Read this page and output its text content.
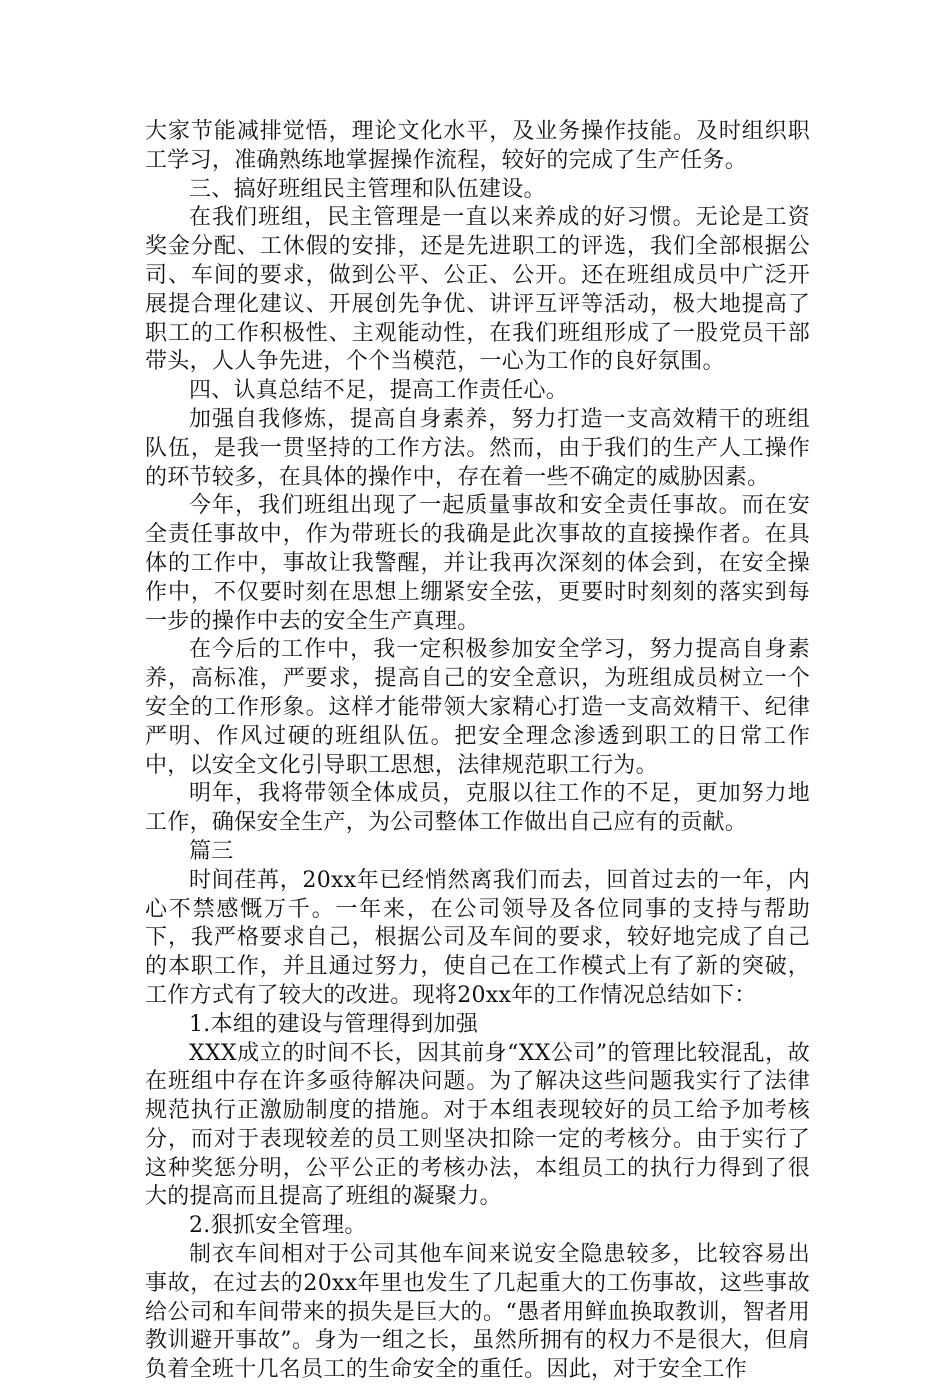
大家节能减排觉悟，理论文化水平，及业务操作技能。及时组织职工学习，准确熟练地掌握操作流程，较好的完成了生产任务。

三、搞好班组民主管理和队伍建设。

在我们班组，民主管理是一直以来养成的好习惯。无论是工资奖金分配、工休假的安排，还是先进职工的评选，我们全部根据公司、车间的要求，做到公平、公正、公开。还在班组成员中广泛开展提合理化建议、开展创先争优、讲评互评等活动，极大地提高了职工的工作积极性、主观能动性，在我们班组形成了一股党员干部带头，人人争先进，个个当模范，一心为工作的良好氛围。

四、认真总结不足，提高工作责任心。

加强自我修炼，提高自身素养，努力打造一支高效精干的班组队伍，是我一贯坚持的工作方法。然而，由于我们的生产人工操作的环节较多，在具体的操作中，存在着一些不确定的威胁因素。

今年，我们班组出现了一起质量事故和安全责任事故。而在安全责任事故中，作为带班长的我确是此次事故的直接操作者。在具体的工作中，事故让我警醒，并让我再次深刻的体会到，在安全操作中，不仅要时刻在思想上绷紧安全弦，更要时时刻刻的落实到每一步的操作中去的安全生产真理。

在今后的工作中，我一定积极参加安全学习，努力提高自身素养，高标准，严要求，提高自己的安全意识，为班组成员树立一个安全的工作形象。这样才能带领大家精心打造一支高效精干、纪律严明、作风过硬的班组队伍。把安全理念渗透到职工的日常工作中，以安全文化引导职工思想，法律规范职工行为。

明年，我将带领全体成员，克服以往工作的不足，更加努力地工作，确保安全生产，为公司整体工作做出自己应有的贡献。

篇三

时间荏苒，20xx年已经悄然离我们而去，回首过去的一年，内心不禁感慨万千。一年来，在公司领导及各位同事的支持与帮助下，我严格要求自己，根据公司及车间的要求，较好地完成了自己的本职工作，并且通过努力，使自己在工作模式上有了新的突破，工作方式有了较大的改进。现将20xx年的工作情况总结如下：

1.本组的建设与管理得到加强

XXX成立的时间不长，因其前身“XX公司”的管理比较混乱，故在班组中存在许多亟待解决问题。为了解决这些问题我实行了法律规范执行正激励制度的措施。对于本组表现较好的员工给予加考核分，而对于表现较差的员工则坚决扣除一定的考核分。由于实行了这种奖惩分明，公平公正的考核办法，本组员工的执行力得到了很大的提高而且提高了班组的凝聚力。

2.狠抓安全管理。

制衣车间相对于公司其他车间来说安全隐患较多，比较容易出事故，在过去的20xx年里也发生了几起重大的工伤事故，这些事故给公司和车间带来的损失是巨大的。“愚者用鲜血换取教训，智者用教训避开事故”。身为一组之长，虽然所拥有的权力不是很大，但肩负着全班十几名员工的生命安全的重任。因此，对于安全工作
